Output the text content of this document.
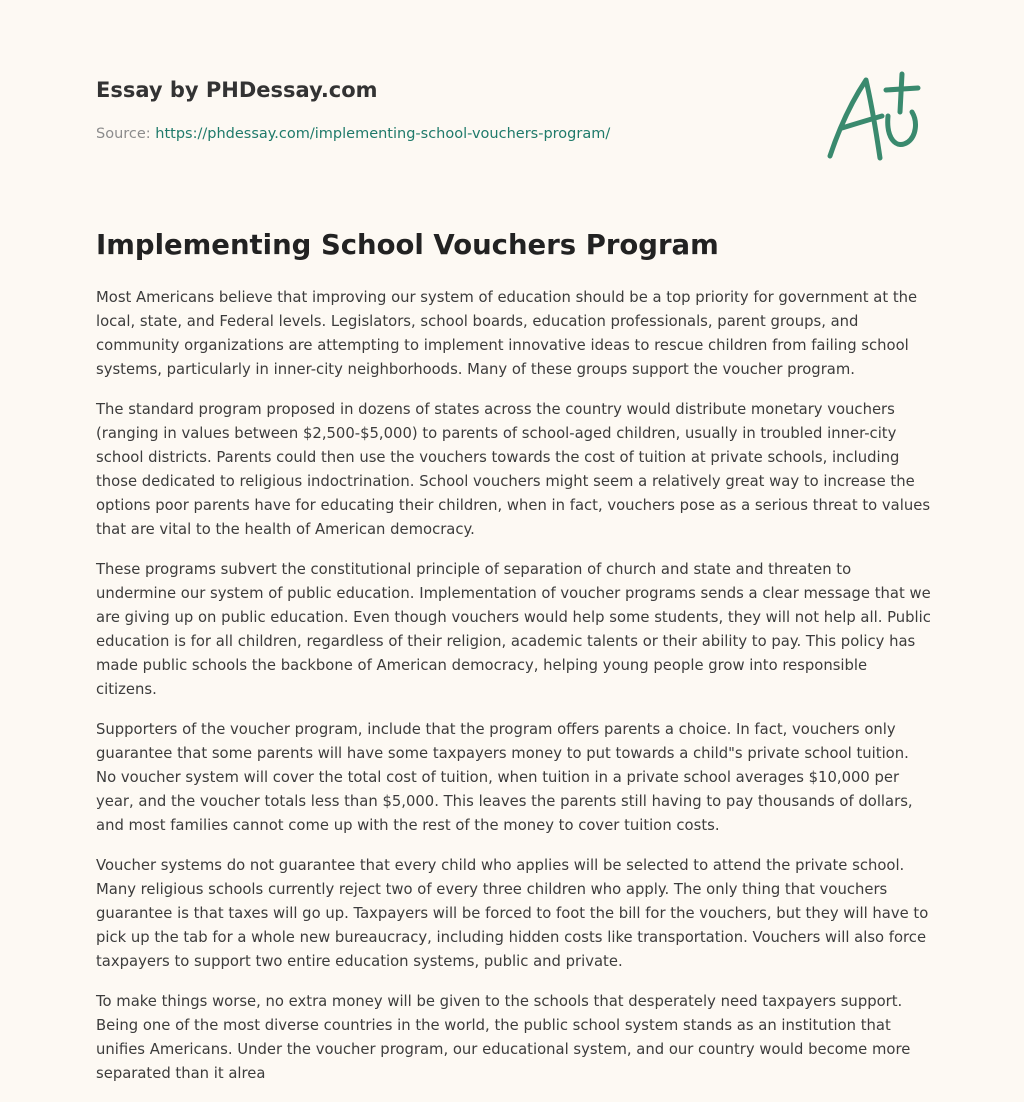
Essay by PHDessay.com
Source: https://phdessay.com/implementing-school-vouchers-program/
Implementing School Vouchers Program

Most Americans believe that improving our system of education should be a top priority for government at the local, state, and Federal levels. Legislators, school boards, education professionals, parent groups, and community organizations are attempting to implement innovative ideas to rescue children from failing school systems, particularly in inner-city neighborhoods. Many of these groups support the voucher program.

The standard program proposed in dozens of states across the country would distribute monetary vouchers (ranging in values between $2,500-$5,000) to parents of school-aged children, usually in troubled inner-city school districts. Parents could then use the vouchers towards the cost of tuition at private schools, including those dedicated to religious indoctrination. School vouchers might seem a relatively great way to increase the options poor parents have for educating their children, when in fact, vouchers pose as a serious threat to values that are vital to the health of American democracy.

These programs subvert the constitutional principle of separation of church and state and threaten to undermine our system of public education. Implementation of voucher programs sends a clear message that we are giving up on public education. Even though vouchers would help some students, they will not help all. Public education is for all children, regardless of their religion, academic talents or their ability to pay. This policy has made public schools the backbone of American democracy, helping young people grow into responsible citizens.

Supporters of the voucher program, include that the program offers parents a choice. In fact, vouchers only guarantee that some parents will have some taxpayers money to put towards a child"s private school tuition. No voucher system will cover the total cost of tuition, when tuition in a private school averages $10,000 per year, and the voucher totals less than $5,000. This leaves the parents still having to pay thousands of dollars, and most families cannot come up with the rest of the money to cover tuition costs.

Voucher systems do not guarantee that every child who applies will be selected to attend the private school. Many religious schools currently reject two of every three children who apply. The only thing that vouchers guarantee is that taxes will go up. Taxpayers will be forced to foot the bill for the vouchers, but they will have to pick up the tab for a whole new bureaucracy, including hidden costs like transportation. Vouchers will also force taxpayers to support two entire education systems, public and private.

To make things worse, no extra money will be given to the schools that desperately need taxpayers support. Being one of the most diverse countries in the world, the public school system stands as an institution that unifies Americans. Under the voucher program, our educational system, and our country would become more separated than it alrea
